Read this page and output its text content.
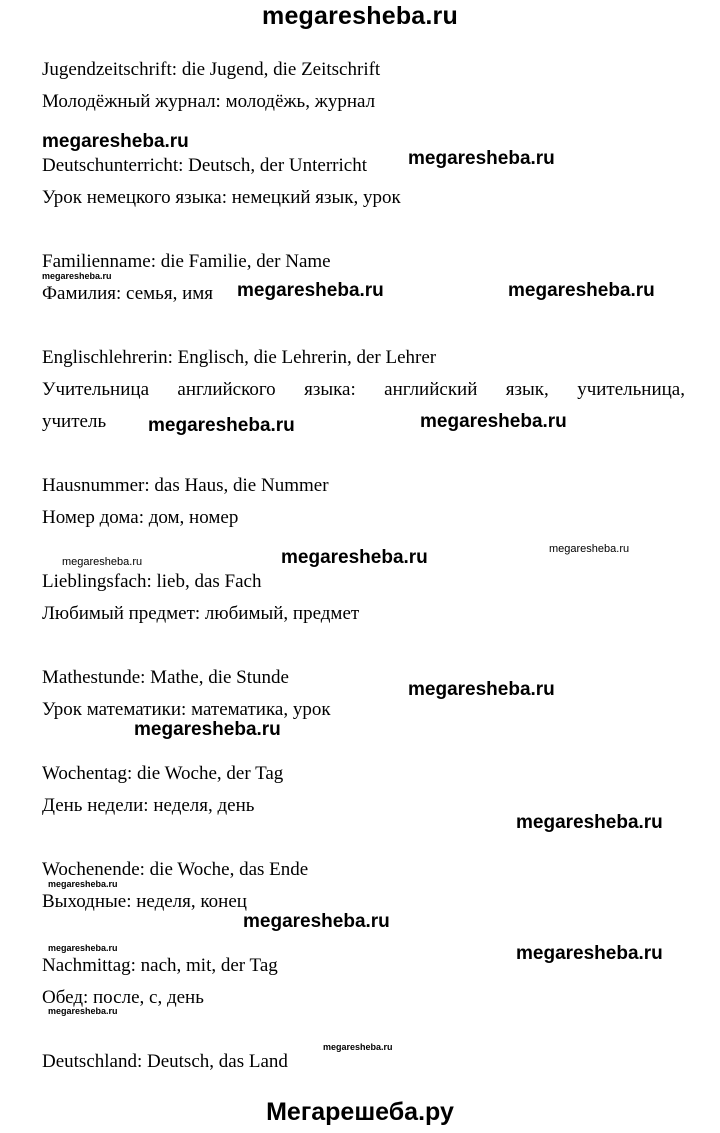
megaresheba.ru
Jugendzeitschrift: die Jugend, die Zeitschrift
Молодёжный журнал: молодёжь, журнал
Deutschunterricht: Deutsch, der Unterricht
Урок немецкого языка: немецкий язык, урок
Familienname: die Familie, der Name
Фамилия: семья, имя
Englischlehrerin: Englisch, die Lehrerin, der Lehrer
Учительница английского языка: английский язык, учительница,
учитель
Hausnummer: das Haus, die Nummer
Номер дома: дом, номер
Lieblingsfach: lieb, das Fach
Любимый предмет: любимый, предмет
Mathestunde: Mathe, die Stunde
Урок математики: математика, урок
Wochentag: die Woche, der Tag
День недели: неделя, день
Wochenende: die Woche, das Ende
Выходные: неделя, конец
Nachmittag: nach, mit, der Tag
Обед: после, с, день
Deutschland: Deutsch, das Land
megaresheba.ru
megaresheba.ru
megaresheba.ru
megaresheba.ru	megaresheba.ru
megaresheba.ru	megaresheba.ru
megaresheba.ru	megaresheba.ru	megaresheba.ru
megaresheba.ru
megaresheba.ru
megaresheba.ru
megaresheba.ru
megaresheba.ru
megaresheba.ru	megaresheba.ru
megaresheba.ru
megaresheba.ru
Мегарешеба.ру
